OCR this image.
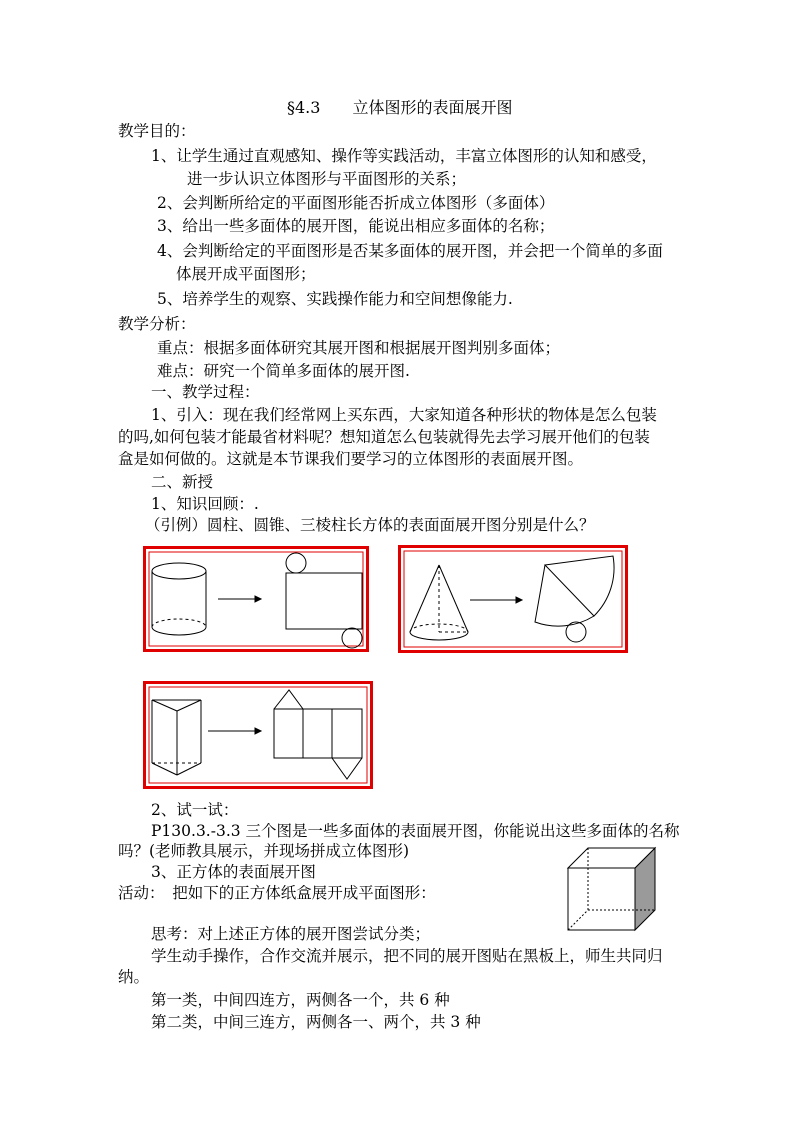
§4.3　　立体图形的表面展开图
教学目的：
1、让学生通过直观感知、操作等实践活动，丰富立体图形的认知和感受，
进一步认识立体图形与平面图形的关系；
2、会判断所给定的平面图形能否折成立体图形（多面体）
3、给出一些多面体的展开图，能说出相应多面体的名称；
4、会判断给定的平面图形是否某多面体的展开图，并会把一个简单的多面
体展开成平面图形；
5、培养学生的观察、实践操作能力和空间想像能力.
教学分析：
重点：根据多面体研究其展开图和根据展开图判别多面体；
难点：研究一个简单多面体的展开图.
一、教学过程：
1、引入：现在我们经常网上买东西，大家知道各种形状的物体是怎么包装
的吗,如何包装才能最省材料呢？想知道怎么包装就得先去学习展开他们的包装
盒是如何做的。这就是本节课我们要学习的立体图形的表面展开图。
二、新授
1、知识回顾：.
（引例）圆柱、圆锥、三棱柱长方体的表面面展开图分别是什么？
2、试一试：
P130.3.-3.3 三个图是一些多面体的表面展开图，你能说出这些多面体的名称
吗？(老师教具展示，并现场拼成立体图形)
3、正方体的表面展开图
活动：　把如下的正方体纸盒展开成平面图形：
思考：对上述正方体的展开图尝试分类；
学生动手操作，合作交流并展示，把不同的展开图贴在黑板上，师生共同归
纳。
第一类，中间四连方，两侧各一个，共 6 种
第二类，中间三连方，两侧各一、两个，共 3 种
